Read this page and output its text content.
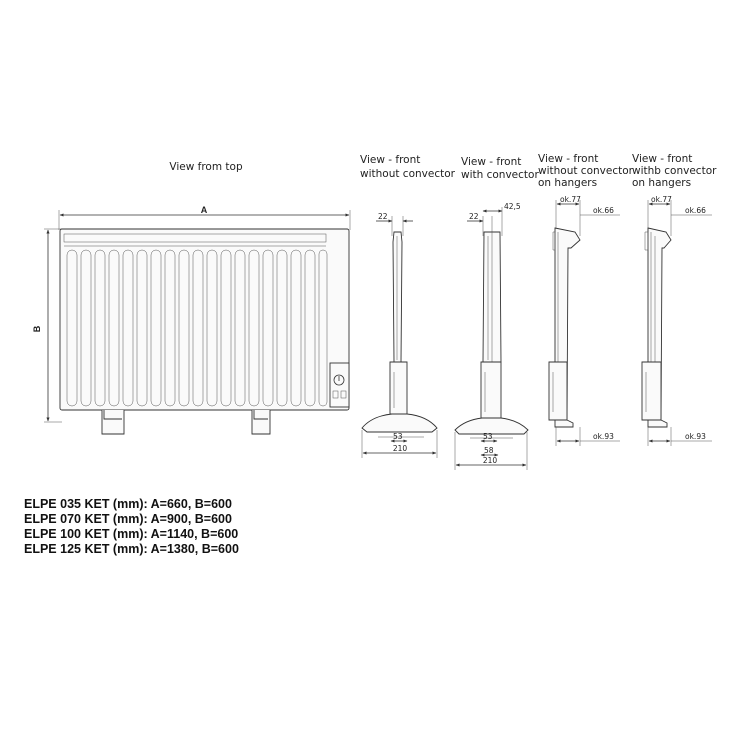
View from top
A
B
View - front
without convector
22
53
210
View - front
with convector
22
42,5
53
58
210
View - front
without convector
on hangers
ok.77
ok.66
ok.93
View - front
withb convector
on hangers
ok.77
ok.66
ok.93
ELPE 035 KET (mm): A=660, B=600
ELPE 070 KET (mm): A=900, B=600
ELPE 100 KET (mm): A=1140, B=600
ELPE 125 KET (mm): A=1380, B=600
